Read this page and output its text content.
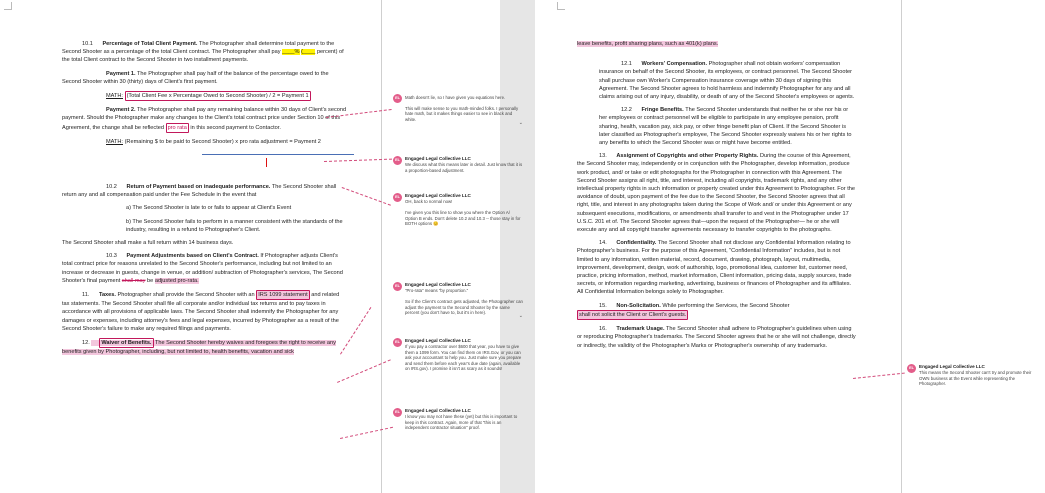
10.1 Percentage of Total Client Payment. The Photographer shall determine total payment to the Second Shooter as a percentage of the total Client contract. The Photographer shall pay ____% (____ percent) of the total Client contract to the Second Shooter in two installment payments.

Payment 1. The Photographer shall pay half of the balance of the percentage owed to the Second Shooter within 30 (thirty) days of Client's first payment.

MATH: (Total Client Fee x Percentage Owed to Second Shooter) / 2 = Payment 1

Payment 2. The Photographer shall pay any remaining balance within 30 days of Client's second payment. Should the Photographer make any changes to the Client's total contract price under Section 10 of this Agreement, the change shall be reflected pro rata in this second payment to Contactor.

MATH: (Remaining $ to be paid to Second Shooter) x pro rata adjustment = Payment 2

10.2 Return of Payment based on inadequate performance. The Second Shooter shall return any and all compensation paid under the Fee Schedule in the event that

a) The Second Shooter is late to or fails to appear at Client's Event

b) The Second Shooter fails to perform in a manner consistent with the standards of the industry, resulting in a refund to Photographer's Client.

The Second Shooter shall make a full return within 14 business days.

10.3 Payment Adjustments based on Client's Contract. If Photographer adjusts Client's total contract price for reasons unrelated to the Second Shooter's performance, including but not limited to an increase or decrease in guests, change in venue, or addition/ subtraction of Photographer's services, The Second Shooter's final payment shall may be adjusted pro-rata.

11. Taxes. Photographer shall provide the Second Shooter with an IRS 1099 statement and related tax statements. The Second Shooter shall file all corporate and/or individual tax returns and to pay taxes in accordance with all provisions of applicable laws. The Second Shooter shall indemnify the Photographer for any damages or expenses, including attorney's fees and legal expenses, incurred by Photographer as a result of the Second Shooter's failure to make any required filings and payments.

12. Waiver of Benefits. The Second Shooter hereby waives and foregoes the right to receive any benefits given by Photographer, including, but not limited to, health benefits, vacation and sick

EL	Math doesn't lie, so I have given you equations here.

This will make sense to you math-minded folks. I personally hate math, but it makes things easier to see in black and white.
⌄
EL	Engaged Legal Collective LLC
We discuss what this means later in detail. Just know that it is a proportion-based adjustment.
EL	Engaged Legal Collective LLC
OH, back to normal now!

I've given you this line to show you where the Option A/ Option B ends. Don't delete 10.2 and 10.3 -- those stay in for BOTH options 😊
EL	Engaged Legal Collective LLC
"Pro-rata" means "by proportion."

So if the Client's contract gets adjusted, the Photographer can adjust the payment to the Second Shooter by the same percent (you don't have to, but it's in here).
⌄
EL	Engaged Legal Collective LLC
If you pay a contractor over $600 that year, you have to give them a 1099 form. You can find them on IRS.Gov, or you can ask your accountant to help you. Just make sure you prepare and send them before each year's due date (again, available on IRS.gov). I promise it isn't as scary as it sounds!
EL	Engaged Legal Collective LLC
I know you may not have these (yet) but this is important to keep in this contract. Again, more of that "this is an independent contractor situation" proof.

leave benefits, profit sharing plans, such as 401(k) plans.

12.1 Workers' Compensation. Photographer shall not obtain workers' compensation insurance on behalf of the Second Shooter, its employees, or contract personnel. The Second Shooter shall purchase own Worker's Compensation insurance coverage within 30 days of signing this Agreement. The Second Shooter agrees to hold harmless and indemnify Photographer for any and all claims arising out of any injury, disability, or death of any of the Second Shooter's employees or agents.

12.2 Fringe Benefits. The Second Shooter understands that neither he or she nor his or her employees or contract personnel will be eligible to participate in any employee pension, profit sharing, health, vacation pay, sick pay, or other fringe benefit plan of Client. If the Second Shooter is later classified as Photographer's employee, The Second Shooter expressly waives his or her rights to any benefits to which the Second Shooter was or might have become entitled.

13. Assignment of Copyrights and other Property Rights. During the course of this Agreement, the Second Shooter may, independently or in conjunction with the Photographer, develop information, produce work product, and/ or take or edit photographs for the Photographer in connection with this Agreement. The Second Shooter assigns all right, title, and interest, including all copyrights, trademark rights, and any other intellectual property rights in such information or property created under this Agreement to Photographer. For the avoidance of doubt, upon payment of the fee due to the Second Shooter, the Second Shooter agrees that all right, title, and interest in any photographs taken during the Scope of Work and/ or under this Agreement or any subsequent executions, modifications, or amendments shall transfer to and vest in the Photographer under 17 U.S.C. 201 et of. The Second Shooter agrees that—upon the request of the Photographer— he or she will execute any and all copyright transfer agreements necessary to transfer copyrights to the photographs.

14. Confidentiality. The Second Shooter shall not disclose any Confidential Information relating to Photographer's business. For the purpose of this Agreement, "Confidential Information" includes, but is not limited to any information, written material, record, document, drawing, photograph, layout, multimedia, improvement, development, design, work of authorship, logo, promotional idea, customer list, customer need, practice, pricing information, method, market information, Client information, pricing data, supply sources, trade secrets, or information regarding marketing, advertising, business or finances of Photographer and its affiliates. All Confidential Information belongs solely to Photographer.

15. Non-Solicitation. While performing the Services, the Second Shooter shall not solicit the Client or Client's guests.

16. Trademark Usage. The Second Shooter shall adhere to Photographer's guidelines when using or reproducing Photographer's trademarks. The Second Shooter agrees that he or she will not challenge, directly or indirectly, the validity of the Photographer's Marks or Photographer's ownership of any trademarks.

EL	Engaged Legal Collective LLC
This means the Second Shooter can't try and promote their OWN business at the Event while representing the Photographer.
